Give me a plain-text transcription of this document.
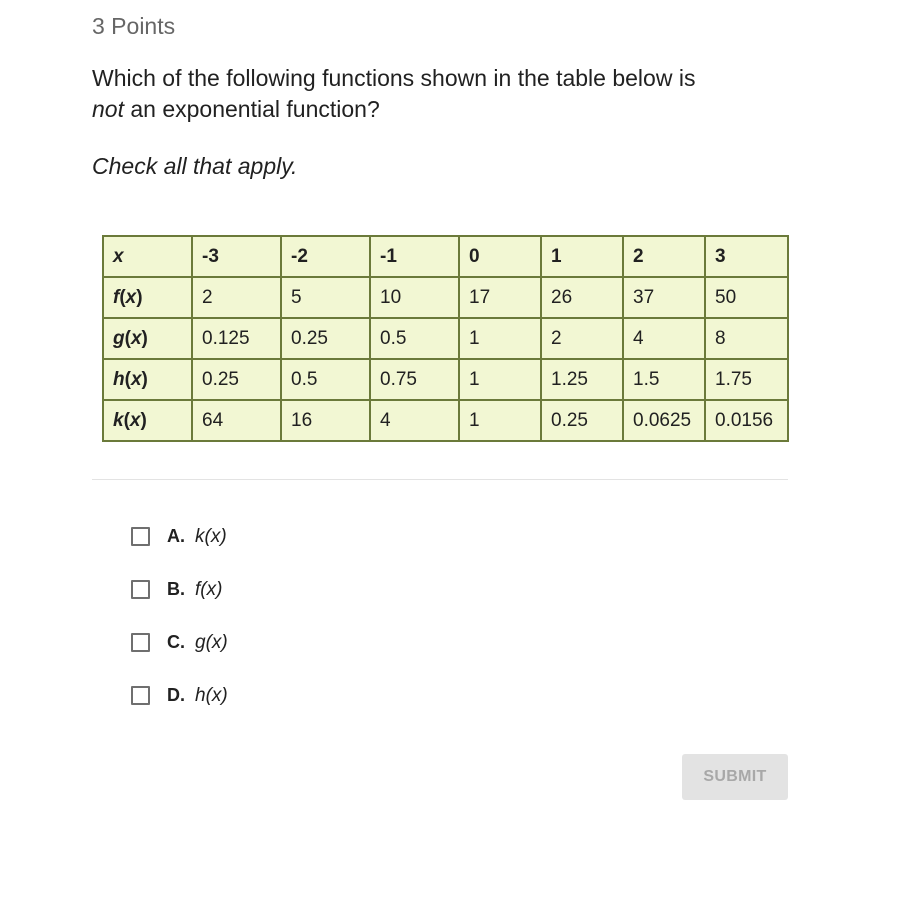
3 Points
Which of the following functions shown in the table below is
not an exponential function?
Check all that apply.
x	-3	-2	-1	0	1	2	3
f(x)	2	5	10	17	26	37	50
g(x)	0.125	0.25	0.5	1	2	4	8
h(x)	0.25	0.5	0.75	1	1.25	1.5	1.75
k(x)	64	16	4	1	0.25	0.0625	0.0156
A. k(x)
B. f(x)
C. g(x)
D. h(x)
SUBMIT
